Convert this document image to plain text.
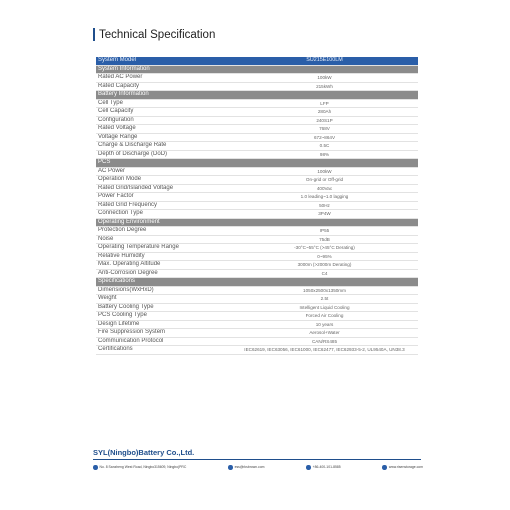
Technical Specification
System Model	SU215E100LM
System Information	
Rated AC Power	100kW
Rated Capacity	215kWh
Battery Information	
Cell Type	LFP
Cell Capacity	280Ah
Configuration	240S1P
Rated Voltage	768V
Voltage Range	672~864V
Charge & Discharge Rate	0.5C
Depth of Discharge (DoD)	98%
PCS	
AC Power	100kW
Operation Mode	On-grid or Off-grid
Rated Grid/Islanded Voltage	400Vac
Power Factor	1.0 leading~1.0 lagging
Rated Grid Frequency	50Hz
Connection Type	3P4W
Operating Environment	
Protection Degree	IP55
Noise	75dB
Operating Temperature Range	-30°C~55°C (>45°C Derating)
Relative Humidity	0~95%
Max. Operating Altitude	3000m (>2000m Derating)
Anti-Corrosion Degree	C4
Specifications	
Dimensions(WxHxD)	1050x2500x1350mm
Weight	2.5t
Battery Cooling Type	Intelligent Liquid Cooling
PCS Cooling Type	Forced Air Cooling
Design Lifetime	10 years
Fire Suppression System	Aerosol+Water
Communication Protocol	CAN/RS485
Certifications	IEC62619, IEC63056, IEC61000, IEC62477, IEC62933-5-2, UL9540A, UN38.3
SYL(Ningbo)Battery Co.,Ltd.
No. 8 Sanzheng West Road, Ningbo315609, Ningbo(PRC	ess@rksbrown.com	+86-400-101-8585	www.risenstorage.com
